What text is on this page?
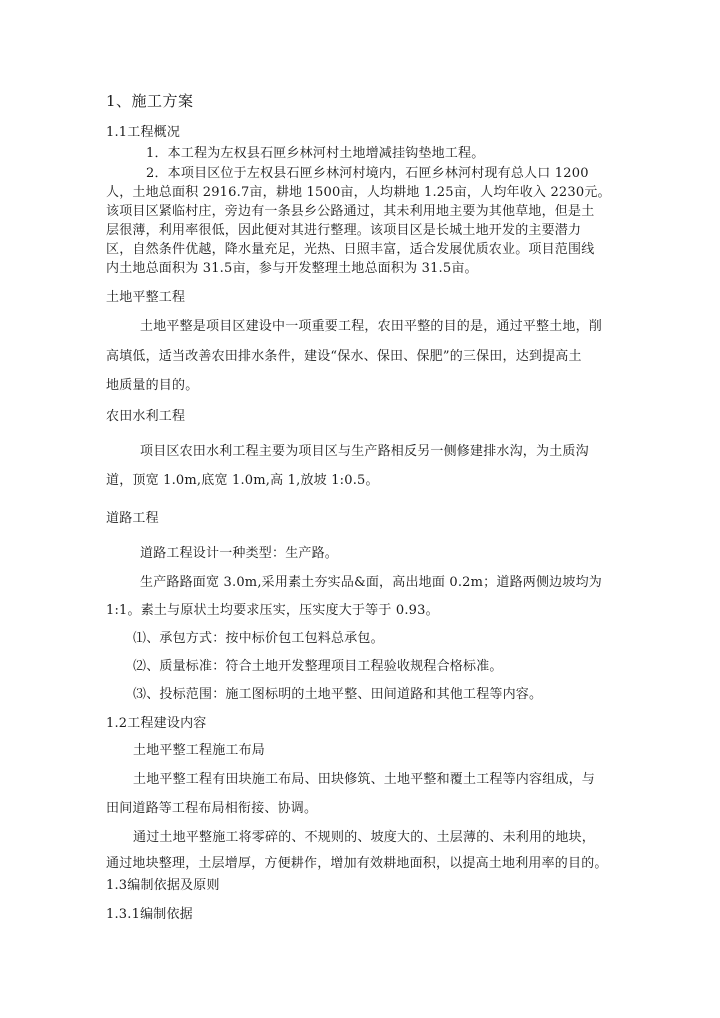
1、施工方案
1.1工程概况
1．本工程为左权县石匣乡林河村土地增减挂钩垫地工程。
2．本项目区位于左权县石匣乡林河村境内，石匣乡林河村现有总人口 1200
人，土地总面积 2916.7亩，耕地 1500亩，人均耕地 1.25亩，人均年收入 2230元。
该项目区紧临村庄，旁边有一条县乡公路通过，其未利用地主要为其他草地，但是土
层很薄，利用率很低，因此便对其进行整理。该项目区是长城土地开发的主要潜力
区，自然条件优越，降水量充足，光热、日照丰富，适合发展优质农业。项目范围线
内土地总面积为 31.5亩，参与开发整理土地总面积为 31.5亩。
土地平整工程
土地平整是项目区建设中一项重要工程，农田平整的目的是，通过平整土地，削
高填低，适当改善农田排水条件，建设“保水、保田、保肥”的三保田，达到提高土
地质量的目的。
农田水利工程
项目区农田水利工程主要为项目区与生产路相反另一侧修建排水沟，为土质沟
道，顶宽 1.0m,底宽 1.0m,高 1,放坡 1:0.5。
道路工程
道路工程设计一种类型：生产路。
生产路路面宽 3.0m,采用素土夯实品&面，高出地面 0.2m；道路两侧边坡均为
1:1。素土与原状土均要求压实，压实度大于等于 0.93。
⑴、承包方式：按中标价包工包料总承包。
⑵、质量标准：符合土地开发整理项目工程验收规程合格标准。
⑶、投标范围：施工图标明的土地平整、田间道路和其他工程等内容。
1.2工程建设内容
土地平整工程施工布局
土地平整工程有田块施工布局、田块修筑、土地平整和覆土工程等内容组成，与
田间道路等工程布局相衔接、协调。
通过土地平整施工将零碎的、不规则的、坡度大的、土层薄的、未利用的地块，
通过地块整理，土层增厚，方便耕作，增加有效耕地面积，以提高土地利用率的目的。
1.3编制依据及原则
1.3.1编制依据
